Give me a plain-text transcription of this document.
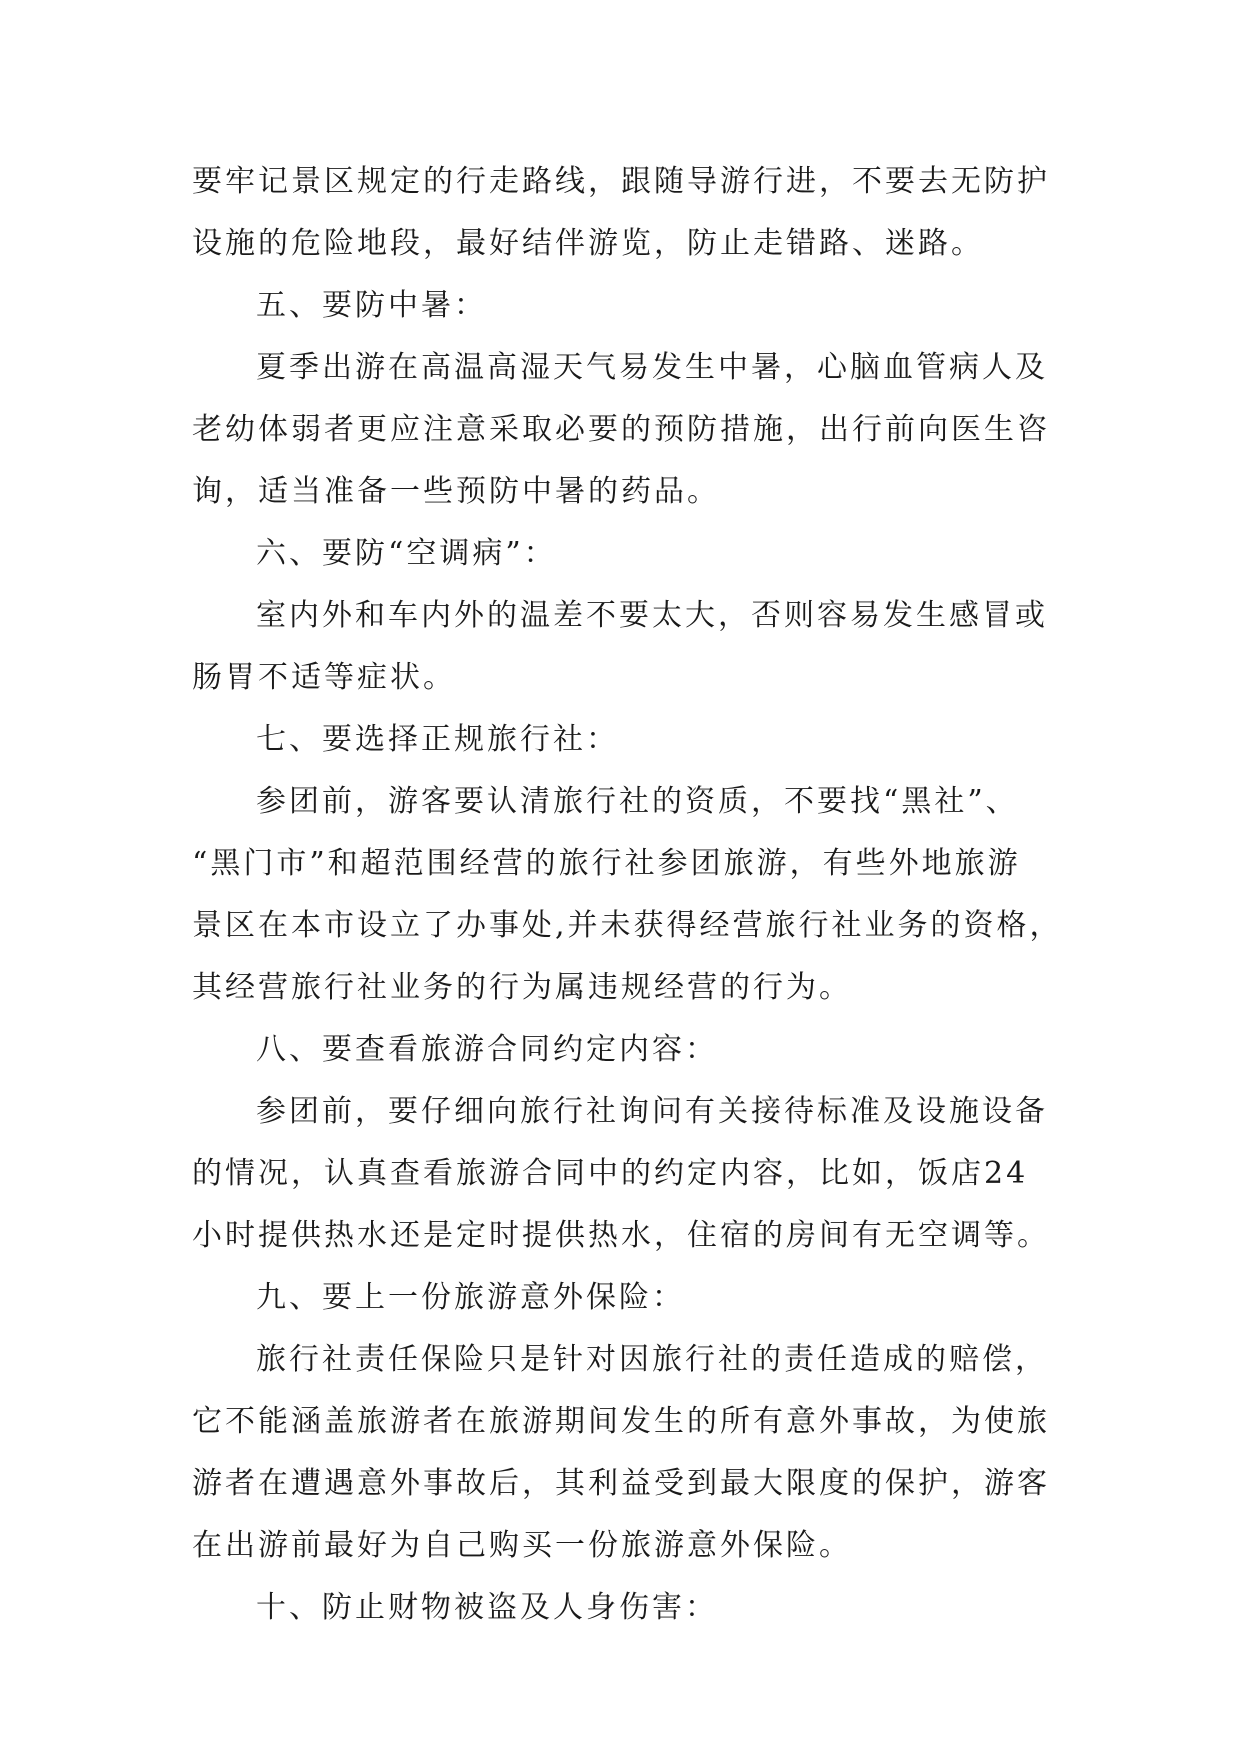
要牢记景区规定的行走路线，跟随导游行进，不要去无防护
设施的危险地段，最好结伴游览，防止走错路、迷路。
五、要防中暑：
夏季出游在高温高湿天气易发生中暑，心脑血管病人及
老幼体弱者更应注意采取必要的预防措施，出行前向医生咨
询，适当准备一些预防中暑的药品。
六、要防“空调病”：
室内外和车内外的温差不要太大，否则容易发生感冒或
肠胃不适等症状。
七、要选择正规旅行社：
参团前，游客要认清旅行社的资质，不要找“黑社”、
“黑门市”和超范围经营的旅行社参团旅游，有些外地旅游
景区在本市设立了办事处,并未获得经营旅行社业务的资格，
其经营旅行社业务的行为属违规经营的行为。
八、要查看旅游合同约定内容：
参团前，要仔细向旅行社询问有关接待标准及设施设备
的情况，认真查看旅游合同中的约定内容，比如，饭店24
小时提供热水还是定时提供热水，住宿的房间有无空调等。
九、要上一份旅游意外保险：
旅行社责任保险只是针对因旅行社的责任造成的赔偿，
它不能涵盖旅游者在旅游期间发生的所有意外事故，为使旅
游者在遭遇意外事故后，其利益受到最大限度的保护，游客
在出游前最好为自己购买一份旅游意外保险。
十、防止财物被盗及人身伤害：
